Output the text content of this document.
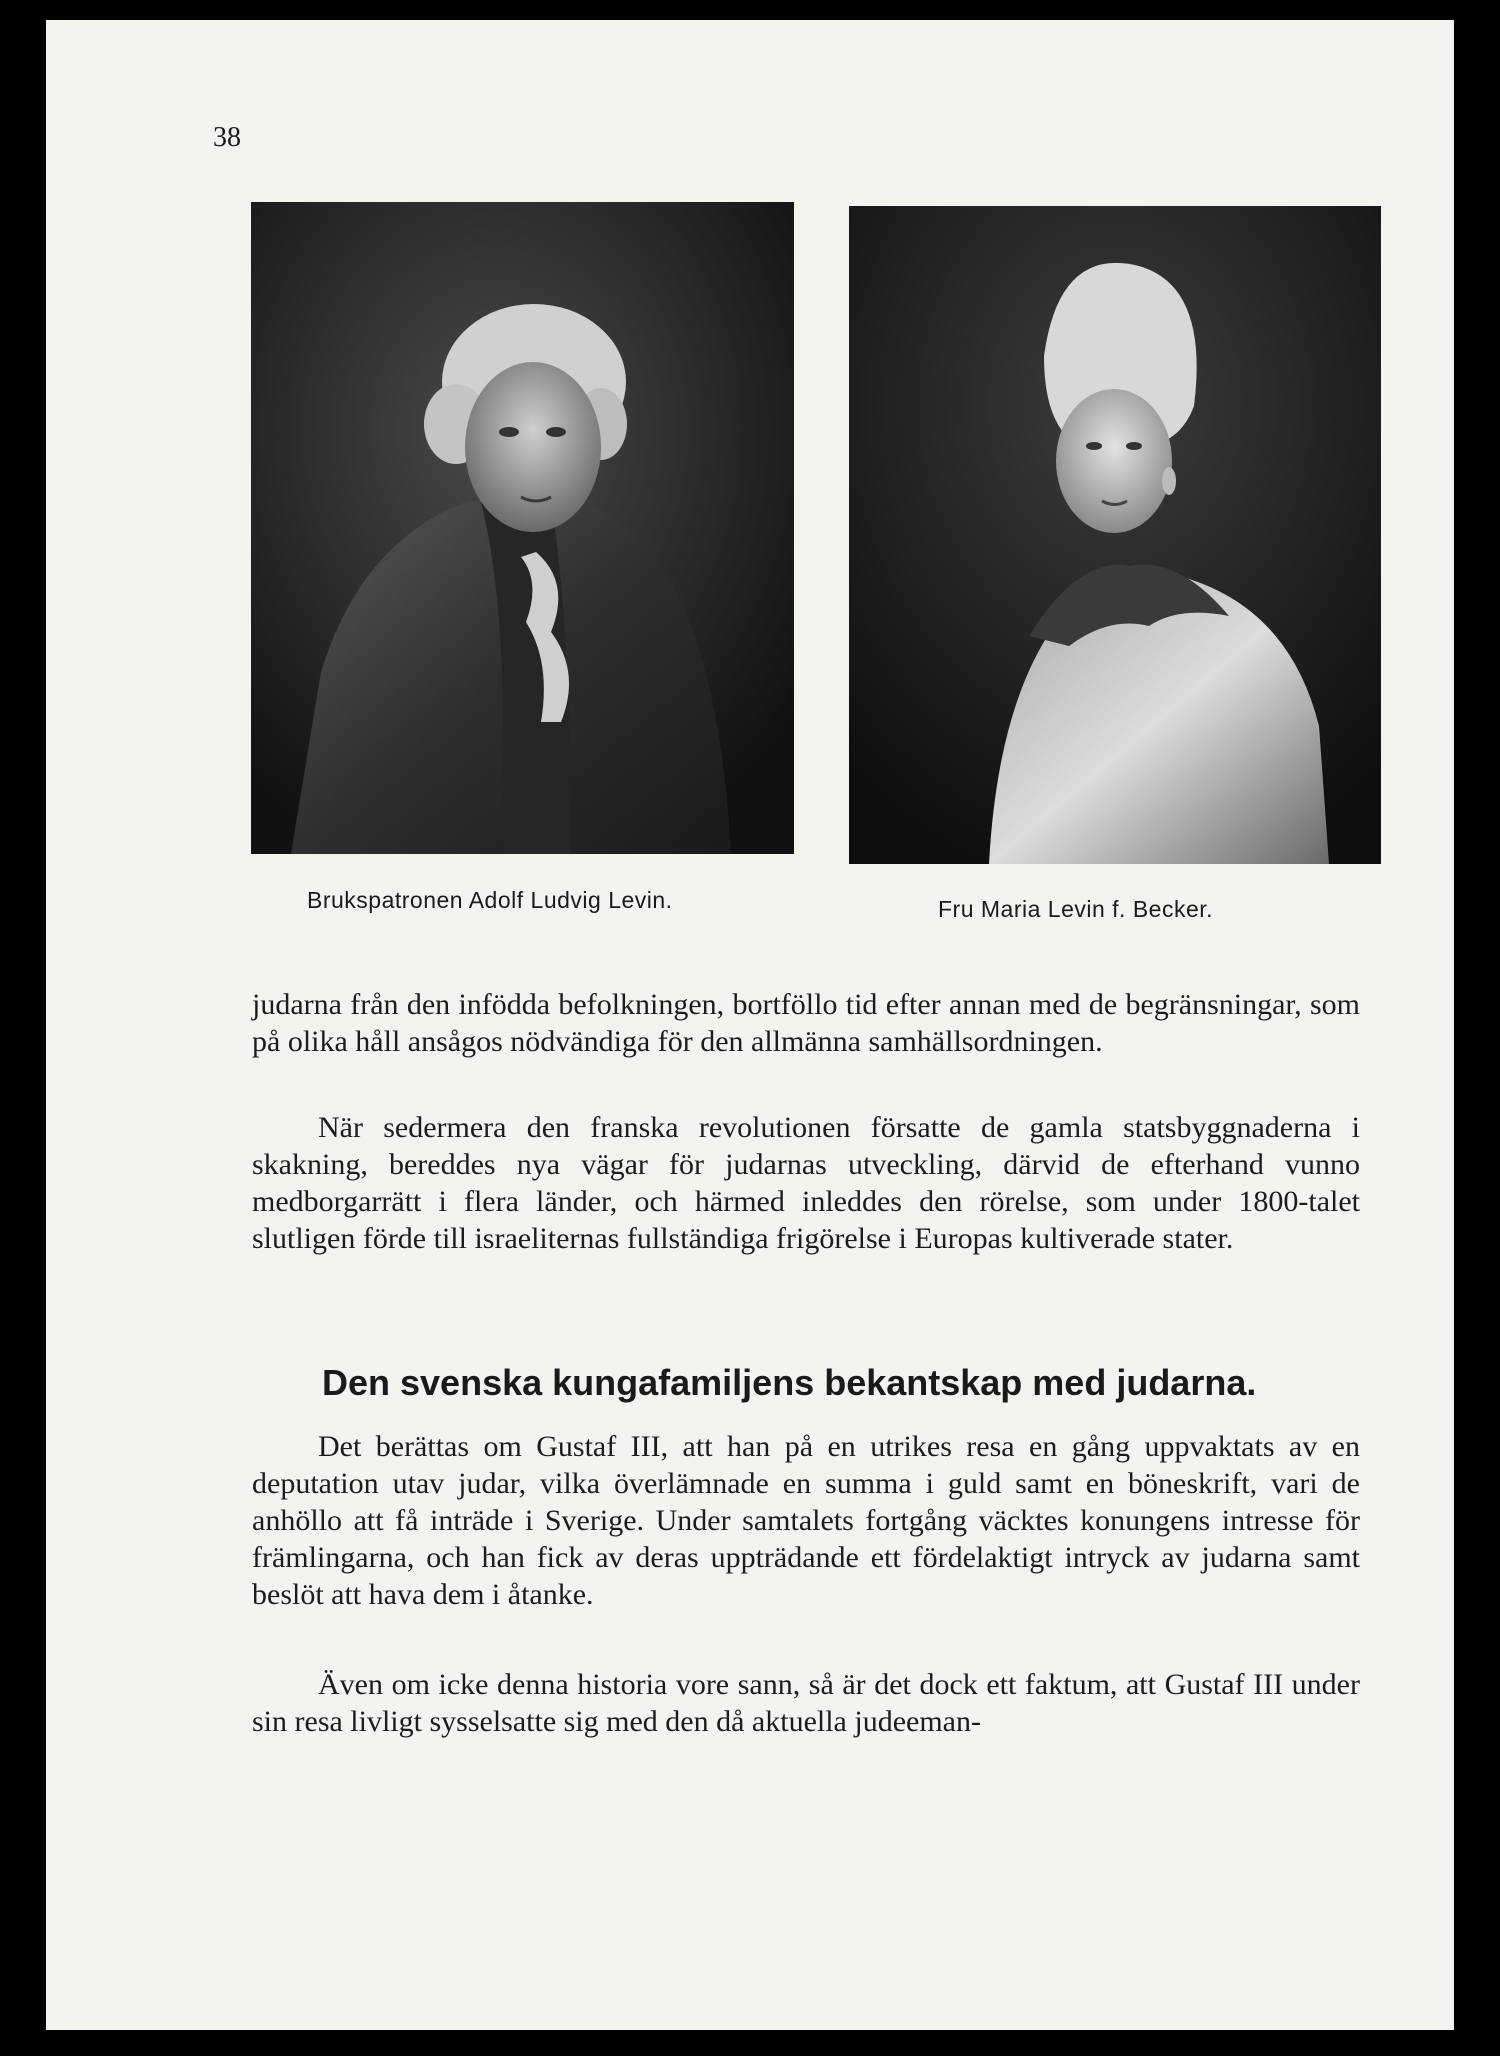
38
Brukspatronen Adolf Ludvig Levin.	Fru Maria Levin f. Becker.

judarna från den infödda befolkningen, bortföllo tid efter annan med de begränsningar, som på olika håll ansågos nödvändiga för den allmänna samhällsordningen.

När sedermera den franska revolutionen försatte de gamla statsbyggnaderna i skakning, bereddes nya vägar för judarnas utveckling, därvid de efterhand vunno medborgarrätt i flera länder, och härmed inleddes den rörelse, som under 1800-talet slutligen förde till israeliternas fullständiga frigörelse i Europas kultiverade stater.

Den svenska kungafamiljens bekantskap med judarna.

Det berättas om Gustaf III, att han på en utrikes resa en gång uppvaktats av en deputation utav judar, vilka överlämnade en summa i guld samt en böneskrift, vari de anhöllo att få inträde i Sverige. Under samtalets fortgång väcktes konungens intresse för främlingarna, och han fick av deras uppträdande ett fördelaktigt intryck av judarna samt beslöt att hava dem i åtanke.

Även om icke denna historia vore sann, så är det dock ett faktum, att Gustaf III under sin resa livligt sysselsatte sig med den då aktuella judeeman-
